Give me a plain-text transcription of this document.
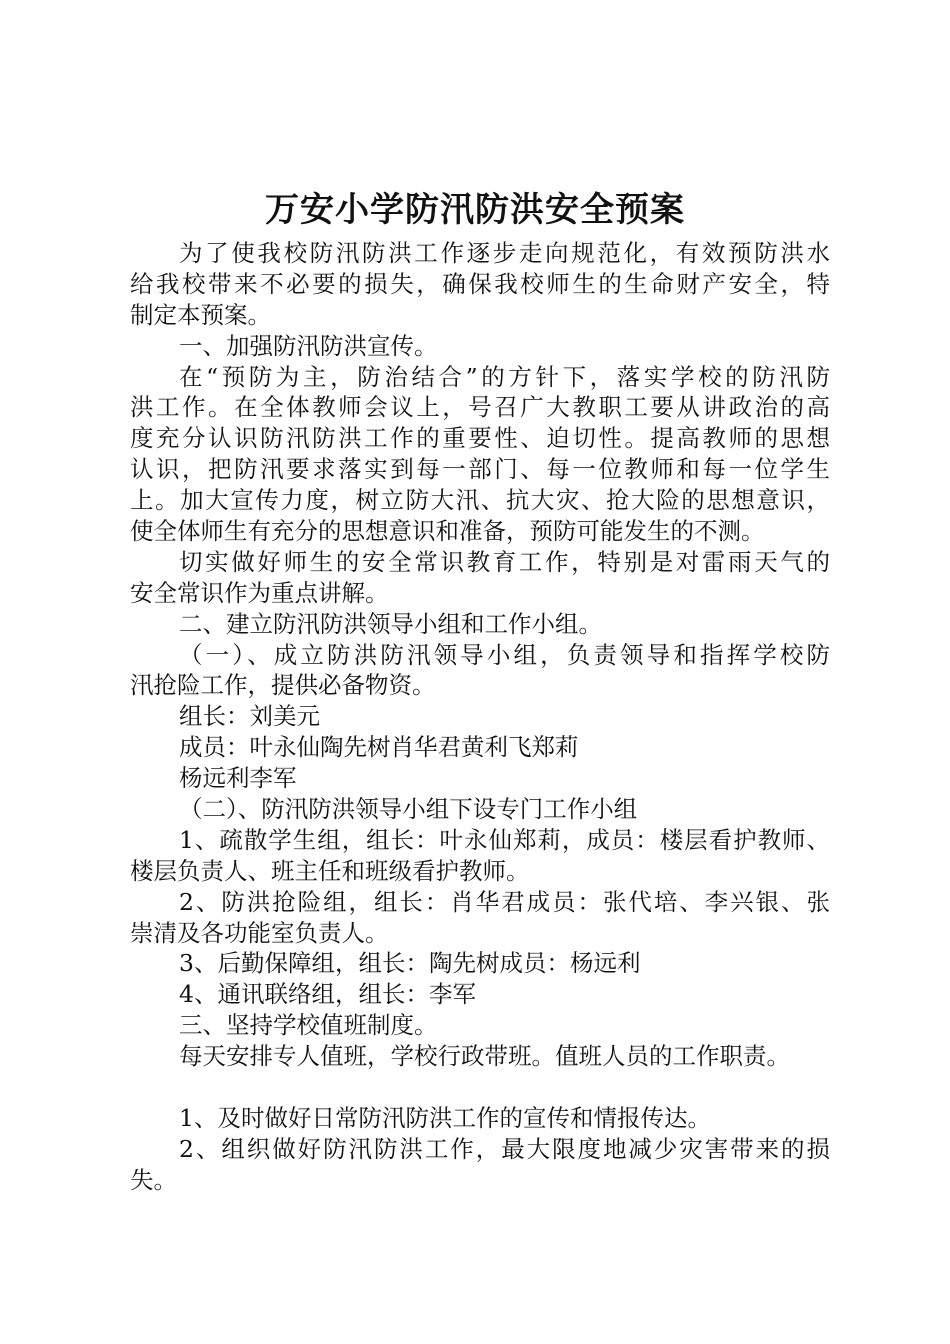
万安小学防汛防洪安全预案
为了使我校防汛防洪工作逐步走向规范化，有效预防洪水
给我校带来不必要的损失，确保我校师生的生命财产安全，特
制定本预案。
一、加强防汛防洪宣传。
在“预防为主，防治结合”的方针下，落实学校的防汛防
洪工作。在全体教师会议上，号召广大教职工要从讲政治的高
度充分认识防汛防洪工作的重要性、迫切性。提高教师的思想
认识，把防汛要求落实到每一部门、每一位教师和每一位学生
上。加大宣传力度，树立防大汛、抗大灾、抢大险的思想意识，
使全体师生有充分的思想意识和准备，预防可能发生的不测。
切实做好师生的安全常识教育工作，特别是对雷雨天气的
安全常识作为重点讲解。
二、建立防汛防洪领导小组和工作小组。
（一）、成立防洪防汛领导小组，负责领导和指挥学校防
汛抢险工作，提供必备物资。
组长：刘美元
成员：叶永仙陶先树肖华君黄利飞郑莉
杨远利李军
（二）、防汛防洪领导小组下设专门工作小组
1、疏散学生组，组长：叶永仙郑莉，成员：楼层看护教师、
楼层负责人、班主任和班级看护教师。
2、防洪抢险组，组长：肖华君成员：张代培、李兴银、张
崇清及各功能室负责人。
3、后勤保障组，组长：陶先树成员：杨远利
4、通讯联络组，组长：李军
三、坚持学校值班制度。
每天安排专人值班，学校行政带班。值班人员的工作职责。
1、及时做好日常防汛防洪工作的宣传和情报传达。
2、组织做好防汛防洪工作，最大限度地减少灾害带来的损
失。
